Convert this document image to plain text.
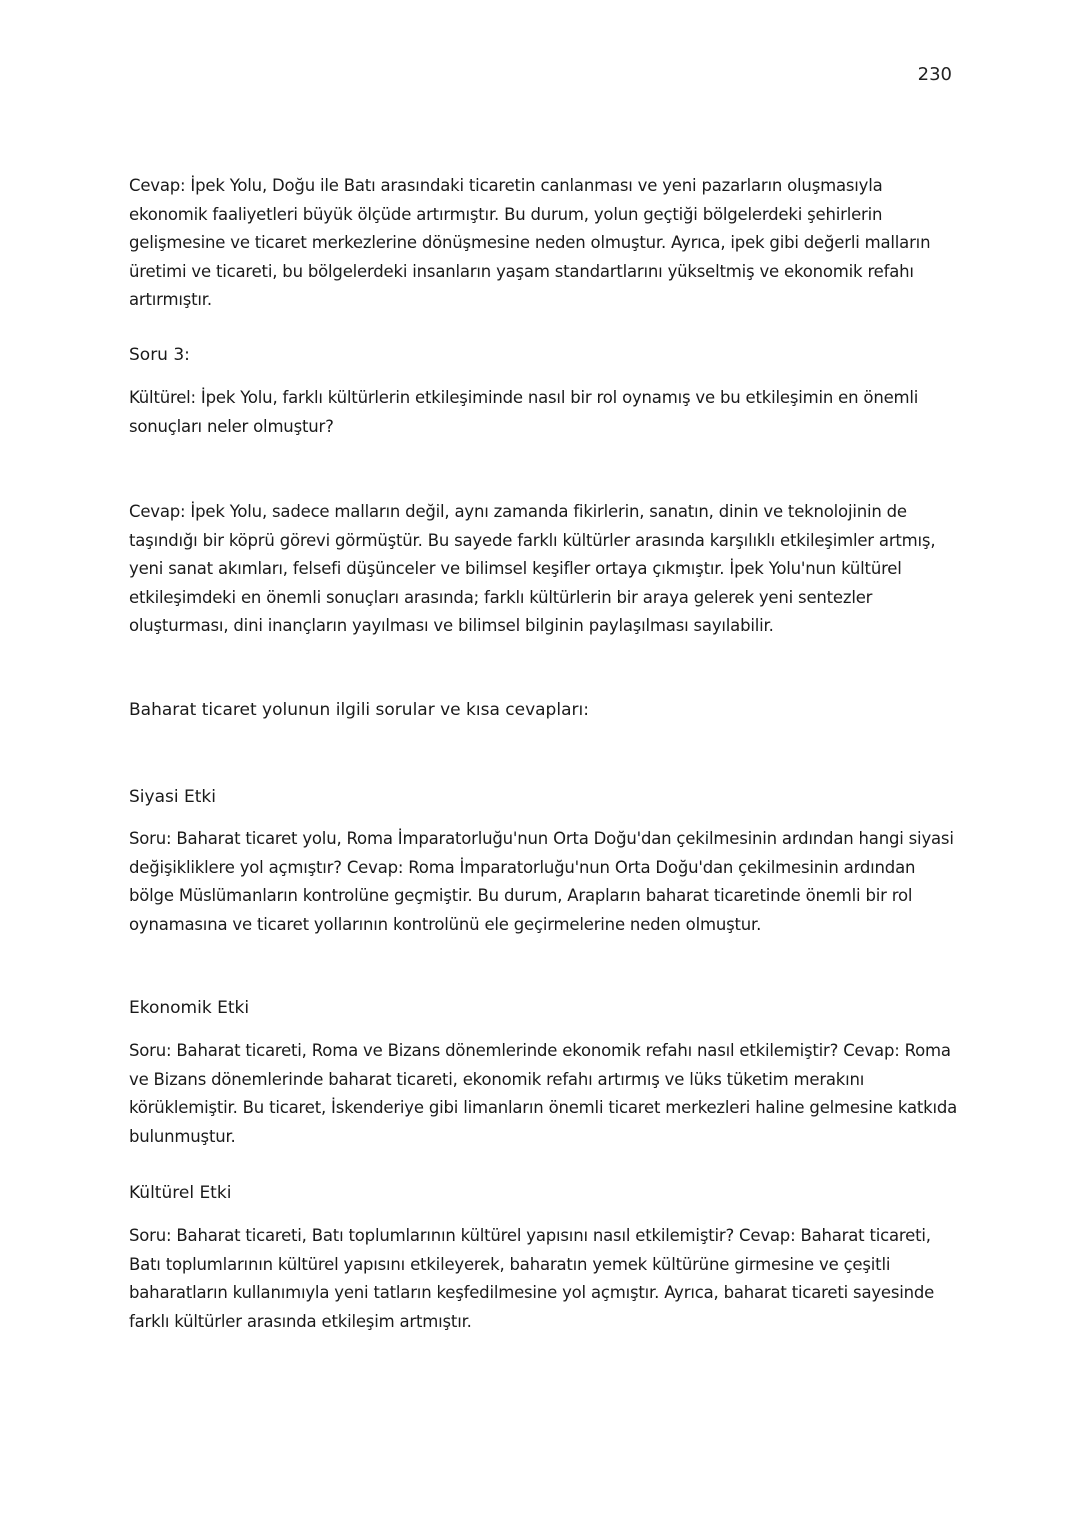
230

Cevap: İpek Yolu, Doğu ile Batı arasındaki ticaretin canlanması ve yeni pazarların oluşmasıyla ekonomik faaliyetleri büyük ölçüde artırmıştır. Bu durum, yolun geçtiği bölgelerdeki şehirlerin gelişmesine ve ticaret merkezlerine dönüşmesine neden olmuştur. Ayrıca, ipek gibi değerli malların üretimi ve ticareti, bu bölgelerdeki insanların yaşam standartlarını yükseltmiş ve ekonomik refahı artırmıştır.

Soru 3:

Kültürel: İpek Yolu, farklı kültürlerin etkileşiminde nasıl bir rol oynamış ve bu etkileşimin en önemli sonuçları neler olmuştur?

Cevap: İpek Yolu, sadece malların değil, aynı zamanda fikirlerin, sanatın, dinin ve teknolojinin de taşındığı bir köprü görevi görmüştür. Bu sayede farklı kültürler arasında karşılıklı etkileşimler artmış, yeni sanat akımları, felsefi düşünceler ve bilimsel keşifler ortaya çıkmıştır. İpek Yolu'nun kültürel etkileşimdeki en önemli sonuçları arasında; farklı kültürlerin bir araya gelerek yeni sentezler oluşturması, dini inançların yayılması ve bilimsel bilginin paylaşılması sayılabilir.

Baharat ticaret yolunun ilgili sorular ve kısa cevapları:

Siyasi Etki

Soru: Baharat ticaret yolu, Roma İmparatorluğu'nun Orta Doğu'dan çekilmesinin ardından hangi siyasi değişikliklere yol açmıştır? Cevap: Roma İmparatorluğu'nun Orta Doğu'dan çekilmesinin ardından bölge Müslümanların kontrolüne geçmiştir. Bu durum, Arapların baharat ticaretinde önemli bir rol oynamasına ve ticaret yollarının kontrolünü ele geçirmelerine neden olmuştur.

Ekonomik Etki

Soru: Baharat ticareti, Roma ve Bizans dönemlerinde ekonomik refahı nasıl etkilemiştir? Cevap: Roma ve Bizans dönemlerinde baharat ticareti, ekonomik refahı artırmış ve lüks tüketim merakını körüklemiştir. Bu ticaret, İskenderiye gibi limanların önemli ticaret merkezleri haline gelmesine katkıda bulunmuştur.

Kültürel Etki

Soru: Baharat ticareti, Batı toplumlarının kültürel yapısını nasıl etkilemiştir? Cevap: Baharat ticareti, Batı toplumlarının kültürel yapısını etkileyerek, baharatın yemek kültürüne girmesine ve çeşitli baharatların kullanımıyla yeni tatların keşfedilmesine yol açmıştır. Ayrıca, baharat ticareti sayesinde farklı kültürler arasında etkileşim artmıştır.
